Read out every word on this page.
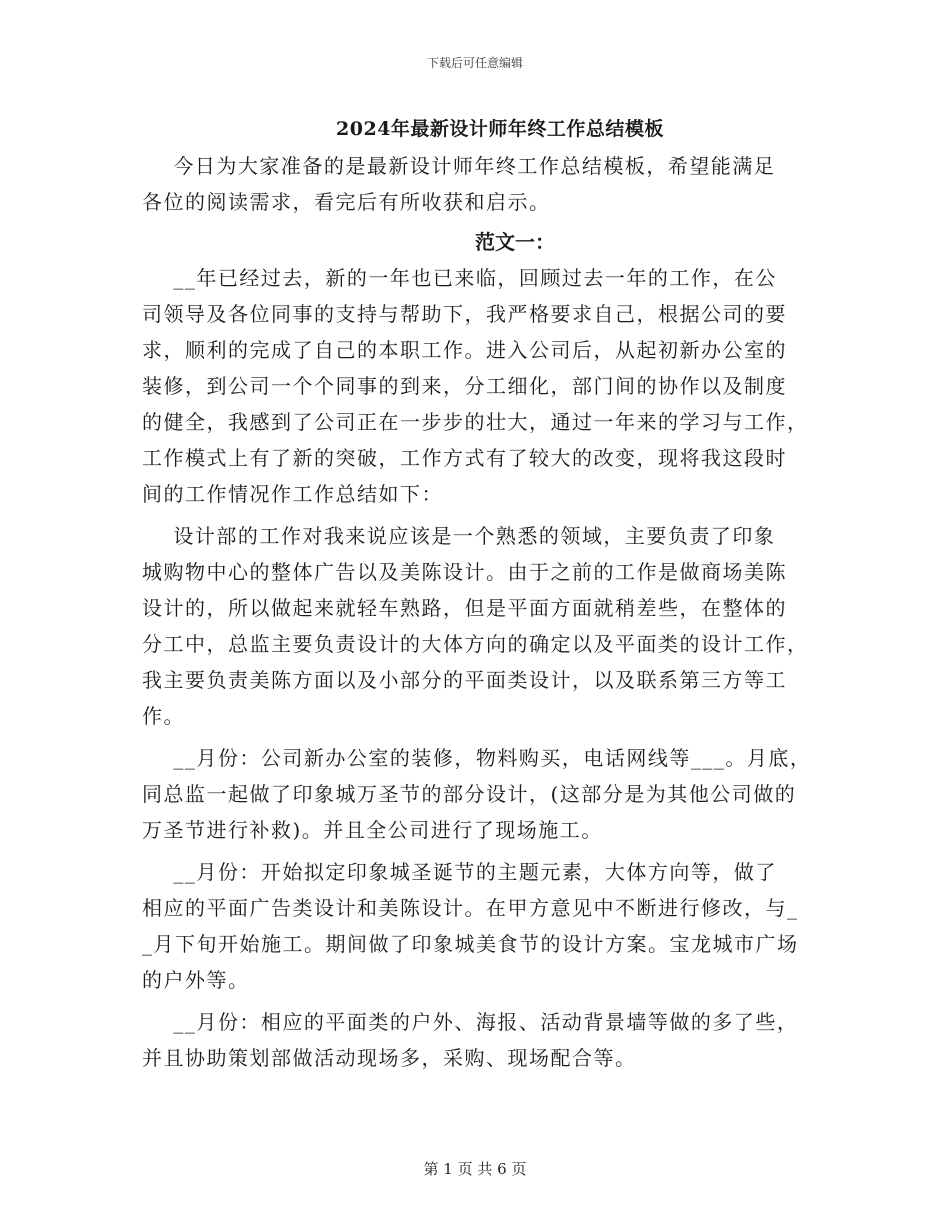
下载后可任意编辑
2024年最新设计师年终工作总结模板
今日为大家准备的是最新设计师年终工作总结模板，希望能满足
各位的阅读需求，看完后有所收获和启示。
范文一：
__年已经过去，新的一年也已来临，回顾过去一年的工作，在公
司领导及各位同事的支持与帮助下，我严格要求自己，根据公司的要
求，顺利的完成了自己的本职工作。进入公司后，从起初新办公室的
装修，到公司一个个同事的到来，分工细化，部门间的协作以及制度
的健全，我感到了公司正在一步步的壮大，通过一年来的学习与工作，
工作模式上有了新的突破，工作方式有了较大的改变，现将我这段时
间的工作情况作工作总结如下：
设计部的工作对我来说应该是一个熟悉的领域，主要负责了印象
城购物中心的整体广告以及美陈设计。由于之前的工作是做商场美陈
设计的，所以做起来就轻车熟路，但是平面方面就稍差些，在整体的
分工中，总监主要负责设计的大体方向的确定以及平面类的设计工作，
我主要负责美陈方面以及小部分的平面类设计，以及联系第三方等工
作。
__月份：公司新办公室的装修，物料购买，电话网线等___。月底，
同总监一起做了印象城万圣节的部分设计，(这部分是为其他公司做的
万圣节进行补救)。并且全公司进行了现场施工。
__月份：开始拟定印象城圣诞节的主题元素，大体方向等，做了
相应的平面广告类设计和美陈设计。在甲方意见中不断进行修改，与_
_月下旬开始施工。期间做了印象城美食节的设计方案。宝龙城市广场
的户外等。
__月份：相应的平面类的户外、海报、活动背景墙等做的多了些，
并且协助策划部做活动现场多，采购、现场配合等。
第 1 页 共 6 页
